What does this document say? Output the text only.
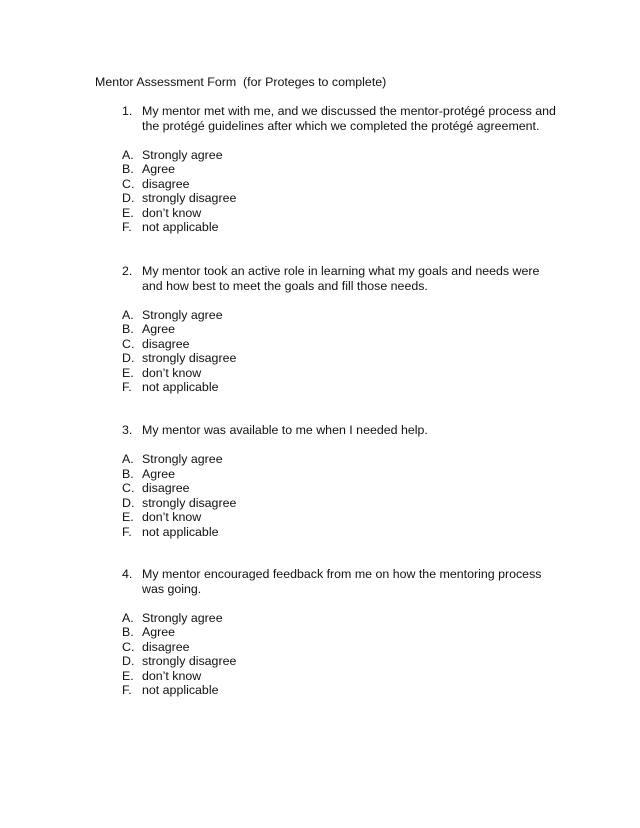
Mentor Assessment Form  (for Proteges to complete)
1. My mentor met with me, and we discussed the mentor-protégé process and the protégé guidelines after which we completed the protégé agreement.
A. Strongly agree
B. Agree
C. disagree
D. strongly disagree
E. don’t know
F. not applicable
2. My mentor took an active role in learning what my goals and needs were and how best to meet the goals and fill those needs.
A. Strongly agree
B. Agree
C. disagree
D. strongly disagree
E. don’t know
F. not applicable
3. My mentor was available to me when I needed help.
A. Strongly agree
B. Agree
C. disagree
D. strongly disagree
E. don’t know
F. not applicable
4. My mentor encouraged feedback from me on how the mentoring process was going.
A. Strongly agree
B. Agree
C. disagree
D. strongly disagree
E. don’t know
F. not applicable
